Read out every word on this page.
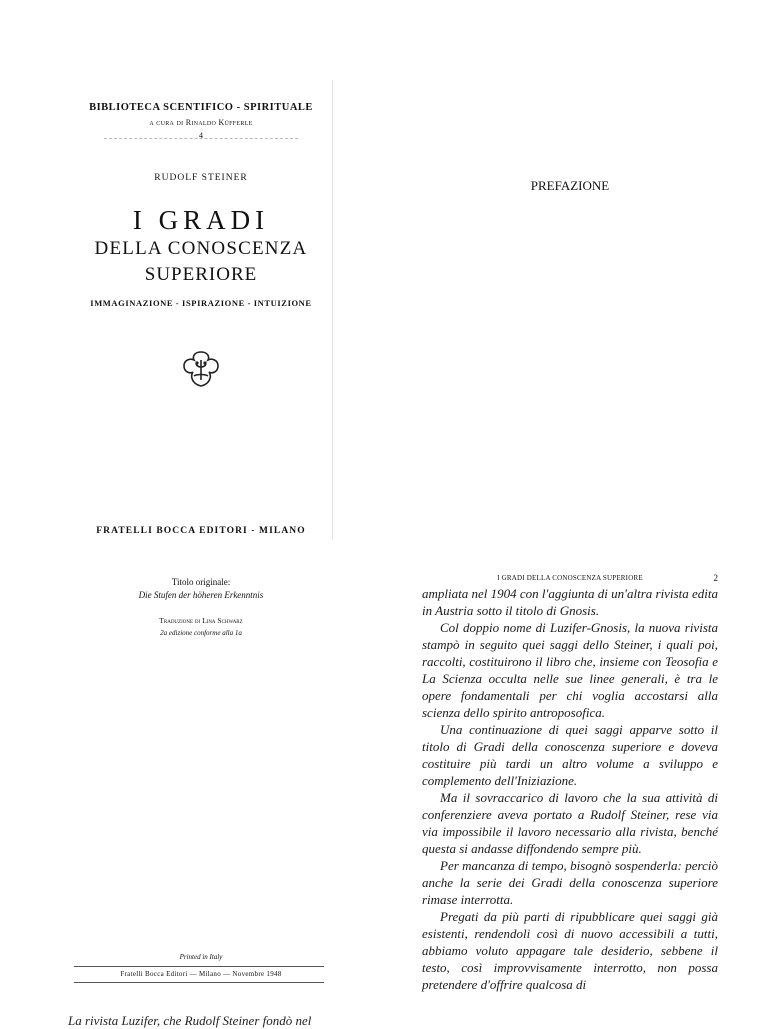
BIBLIOTECA SCENTIFICO - SPIRITUALE
a cura di Rinaldo Küfferle
4
RUDOLF STEINER
I GRADI
DELLA CONOSCENZA
SUPERIORE
IMMAGINAZIONE - ISPIRAZIONE - INTUIZIONE
FRATELLI BOCCA EDITORI - MILANO
Titolo originale:
Die Stufen der höheren Erkenntnis
Traduzione di Lina Schwarz
2a edizione conforme alla 1a
Printed in Italy
Fratelli Bocca Editori — Milano — Novembre 1948
La rivista Luzifer, che Rudolf Steiner fondò nel
PREFAZIONE
I GRADI DELLA CONOSCENZA SUPERIORE	2

ampliata nel 1904 con l'aggiunta di un'altra rivista edita in Austria sotto il titolo di Gnosis.

Col doppio nome di Luzifer-Gnosis, la nuova rivista stampò in seguito quei saggi dello Steiner, i quali poi, raccolti, costituirono il libro che, insieme con Teosofia e La Scienza occulta nelle sue linee generali, è tra le opere fondamentali per chi voglia accostarsi alla scienza dello spirito antroposofica.

Una continuazione di quei saggi apparve sotto il titolo di Gradi della conoscenza superiore e doveva costituire più tardi un altro volume a sviluppo e complemento dell'Iniziazione.

Ma il sovraccarico di lavoro che la sua attività di conferenziere aveva portato a Rudolf Steiner, rese via via impossibile il lavoro necessario alla rivista, benché questa si andasse diffondendo sempre più.

Per mancanza di tempo, bisognò sospenderla: perciò anche la serie dei Gradi della conoscenza superiore rimase interrotta.

Pregati da più parti di ripubblicare quei saggi già esistenti, rendendoli così di nuovo accessibili a tutti, abbiamo voluto appagare tale desiderio, sebbene il testo, così improvvisamente interrotto, non possa pretendere d'offrire qualcosa di
